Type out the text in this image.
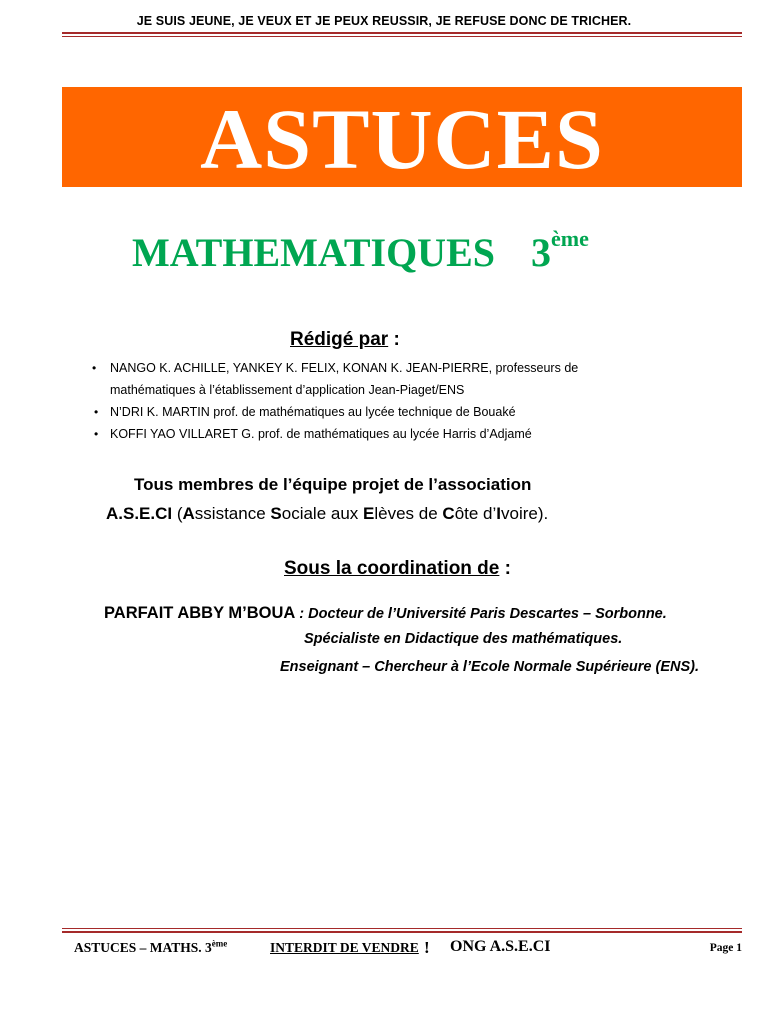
JE SUIS JEUNE, JE VEUX ET JE PEUX REUSSIR, JE REFUSE DONC DE TRICHER.
ASTUCES
MATHEMATIQUES 3ème
Rédigé par :
• NANGO K. ACHILLE, YANKEY K. FELIX, KONAN K. JEAN-PIERRE, professeurs de
mathématiques à l’établissement d’application Jean-Piaget/ENS
• N’DRI K. MARTIN prof. de mathématiques au lycée technique de Bouaké
• KOFFI YAO VILLARET G. prof. de mathématiques au lycée Harris d’Adjamé
Tous membres de l’équipe projet de l’association
A.S.E.CI (Assistance Sociale aux Elèves de Côte d’Ivoire).
Sous la coordination de :
PARFAIT ABBY M’BOUA : Docteur de l’Université Paris Descartes – Sorbonne.
Spécialiste en Didactique des mathématiques.
Enseignant – Chercheur à l’Ecole Normale Supérieure (ENS).
ASTUCES – MATHS. 3ème	INTERDIT DE VENDRE ! ONG A.S.E.CI	Page 1
